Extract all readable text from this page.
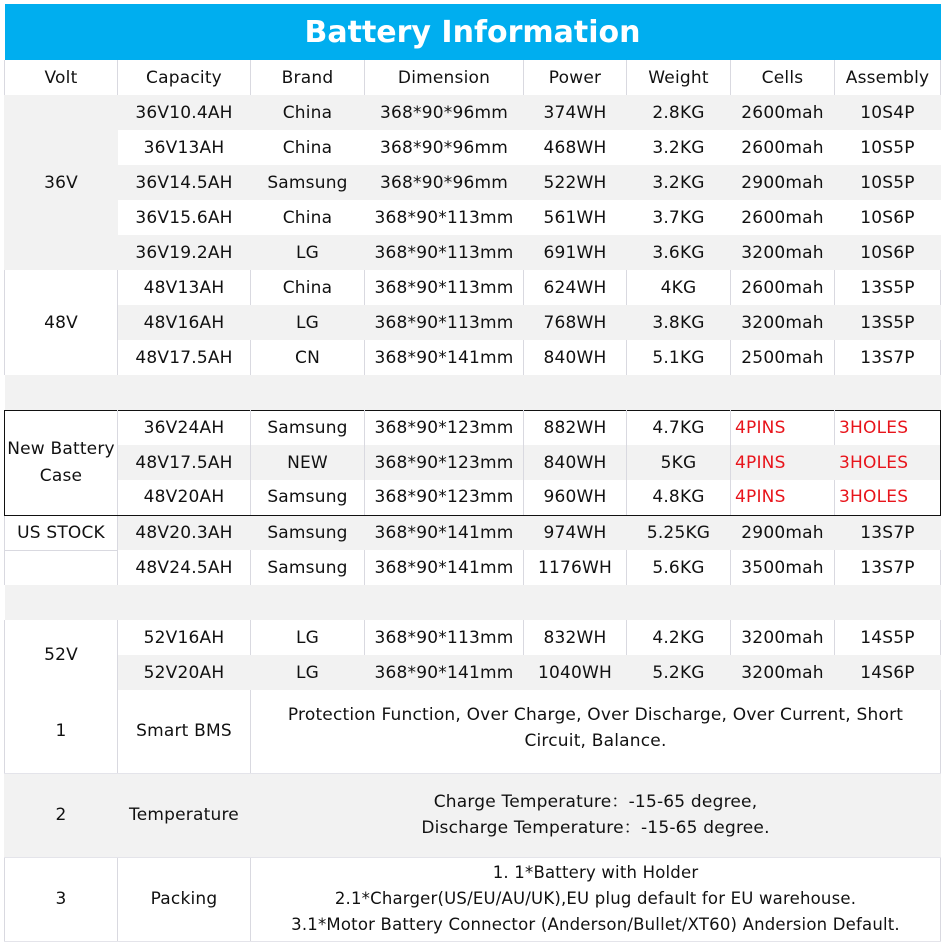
Battery Information							
Volt	Capacity	Brand	Dimension	Power	Weight	Cells	Assembly
36V	36V10.4AH	China	368*90*96mm	374WH	2.8KG	2600mah	10S4P
	36V13AH	China	368*90*96mm	468WH	3.2KG	2600mah	10S5P
	36V14.5AH	Samsung	368*90*96mm	522WH	3.2KG	2900mah	10S5P
	36V15.6AH	China	368*90*113mm	561WH	3.7KG	2600mah	10S6P
	36V19.2AH	LG	368*90*113mm	691WH	3.6KG	3200mah	10S6P
48V	48V13AH	China	368*90*113mm	624WH	4KG	2600mah	13S5P
	48V16AH	LG	368*90*113mm	768WH	3.8KG	3200mah	13S5P
	48V17.5AH	CN	368*90*141mm	840WH	5.1KG	2500mah	13S7P

New Battery Case	36V24AH	Samsung	368*90*123mm	882WH	4.7KG	4PINS	3HOLES
	48V17.5AH	NEW	368*90*123mm	840WH	5KG	4PINS	3HOLES
	48V20AH	Samsung	368*90*123mm	960WH	4.8KG	4PINS	3HOLES
US STOCK	48V20.3AH	Samsung	368*90*141mm	974WH	5.25KG	2900mah	13S7P
	48V24.5AH	Samsung	368*90*141mm	1176WH	5.6KG	3500mah	13S7P

52V	52V16AH	LG	368*90*113mm	832WH	4.2KG	3200mah	14S5P
	52V20AH	LG	368*90*141mm	1040WH	5.2KG	3200mah	14S6P
1	Smart BMS	Protection Function, Over Charge, Over Discharge, Over Current, Short Circuit, Balance.					
2	Temperature	Charge Temperature：-15-65 degree,
Discharge Temperature：-15-65 degree.					

3	Packing	1. 1*Battery with Holder
2.1*Charger(US/EU/AU/UK),EU plug default for EU warehouse.
3.1*Motor Battery Connector (Anderson/Bullet/XT60) Andersion Default.					
